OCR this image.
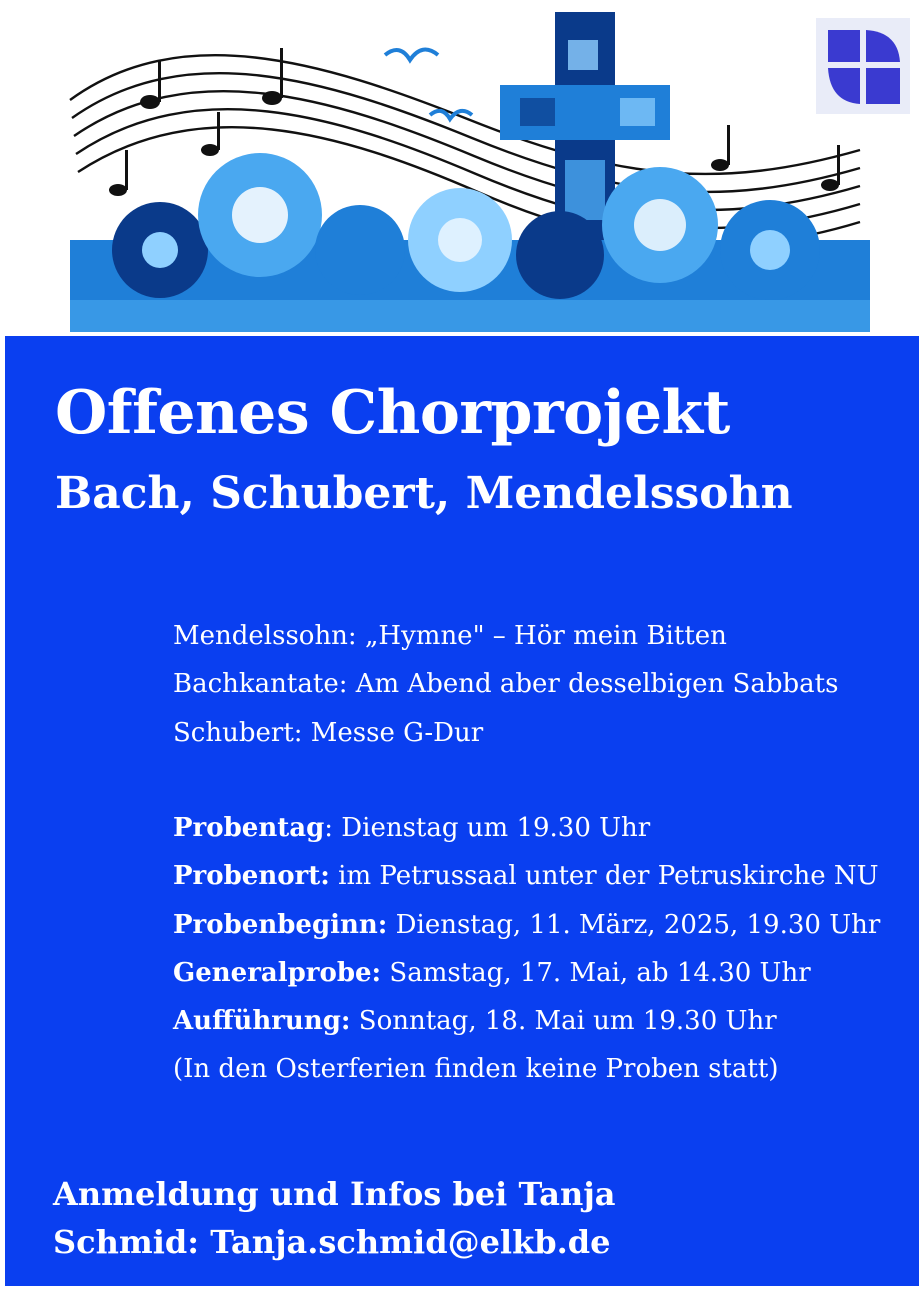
Offenes Chorprojekt
Bach, Schubert, Mendelssohn
Mendelssohn: „Hymne" – Hör mein Bitten
Bachkantate: Am Abend aber desselbigen Sabbats
Schubert: Messe G-Dur
Probentag: Dienstag um 19.30 Uhr
Probenort: im Petrussaal unter der Petruskirche NU
Probenbeginn: Dienstag, 11. März, 2025, 19.30 Uhr
Generalprobe: Samstag, 17. Mai, ab 14.30 Uhr
Aufführung: Sonntag, 18. Mai um 19.30 Uhr
(In den Osterferien finden keine Proben statt)
Anmeldung und Infos bei Tanja
Schmid: Tanja.schmid@elkb.de
